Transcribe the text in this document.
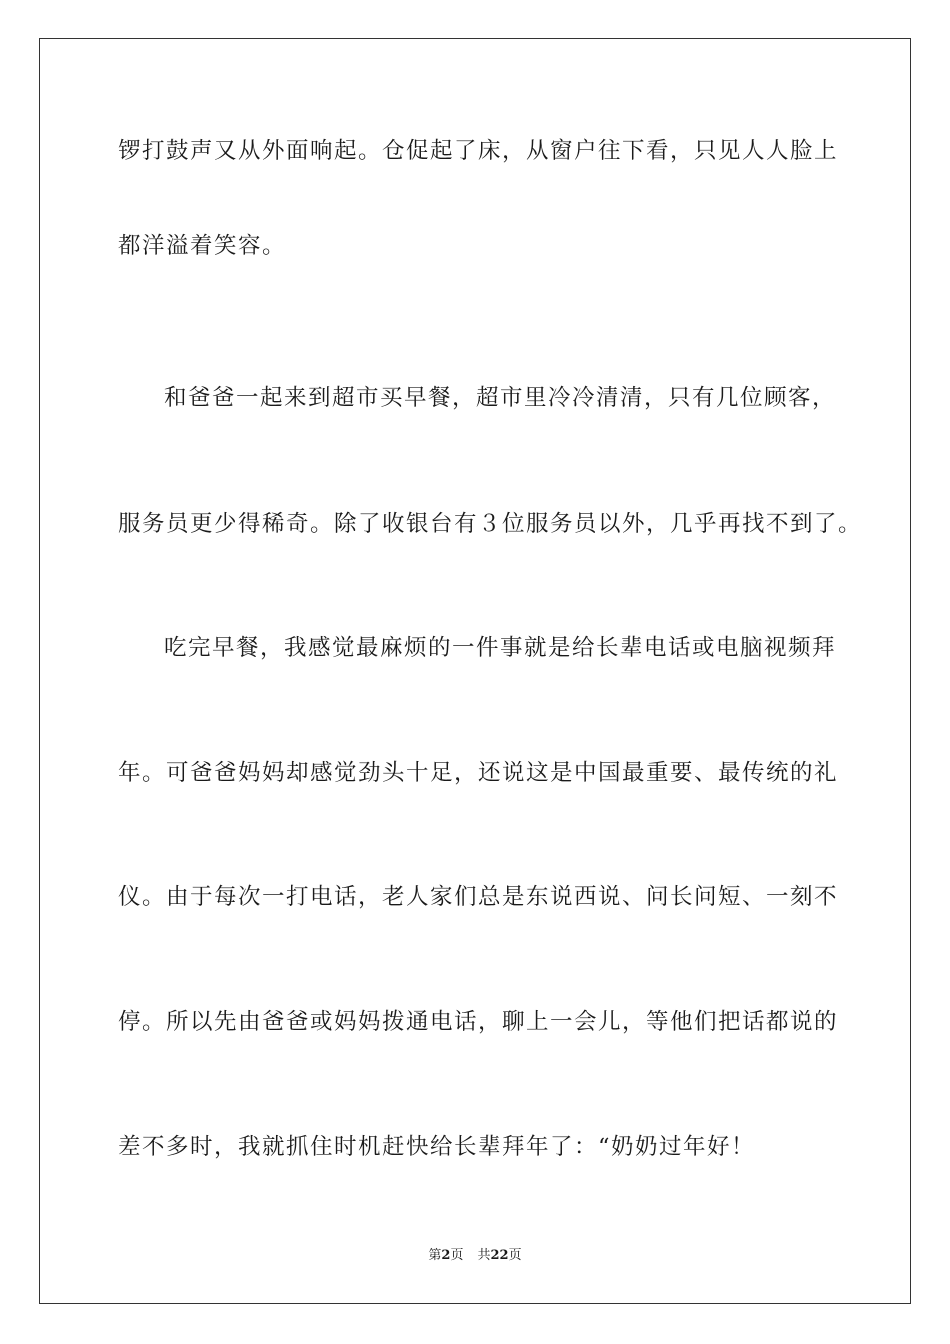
锣打鼓声又从外面响起。仓促起了床，从窗户往下看，只见人人脸上
都洋溢着笑容。
和爸爸一起来到超市买早餐，超市里冷冷清清，只有几位顾客，
服务员更少得稀奇。除了收银台有３位服务员以外，几乎再找不到了。
吃完早餐，我感觉最麻烦的一件事就是给长辈电话或电脑视频拜
年。可爸爸妈妈却感觉劲头十足，还说这是中国最重要、最传统的礼
仪。由于每次一打电话，老人家们总是东说西说、问长问短、一刻不
停。所以先由爸爸或妈妈拨通电话，聊上一会儿，等他们把话都说的
差不多时，我就抓住时机赶快给长辈拜年了：“奶奶过年好！
第2页 共22页
